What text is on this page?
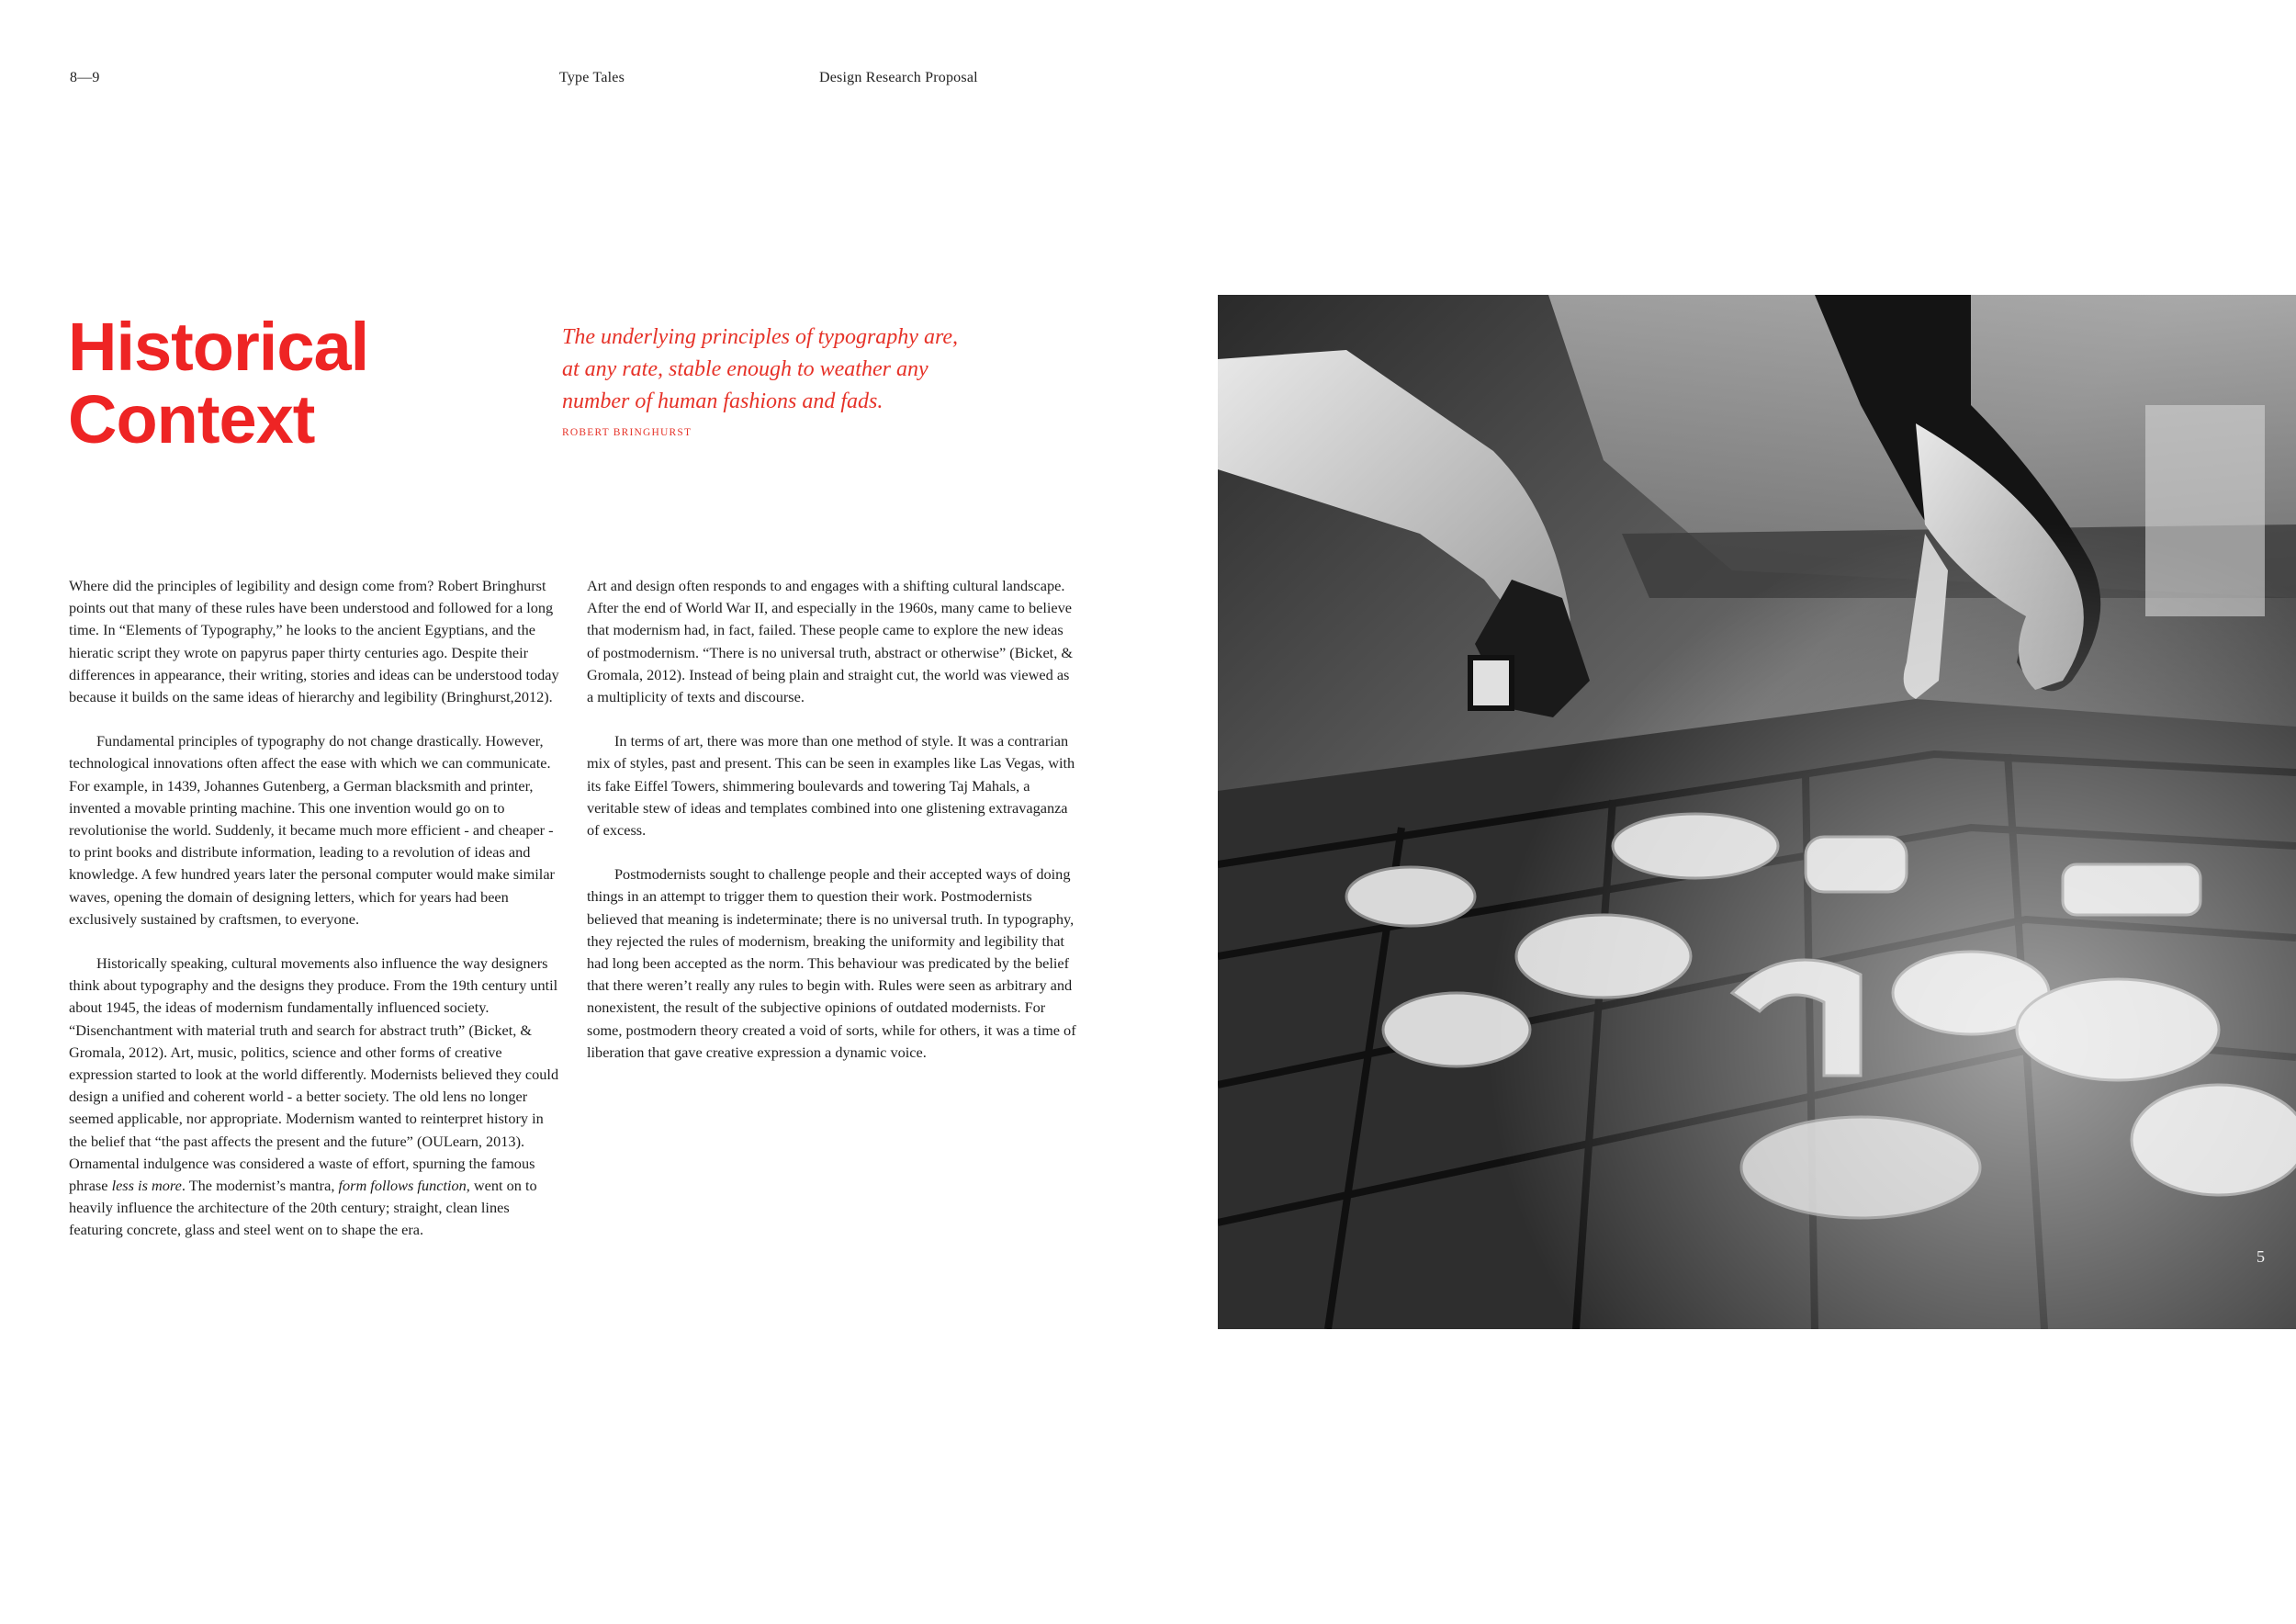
8—9	Type Tales	Design Research Proposal
Historical
Context

The underlying principles of typography are, at any rate, stable enough to weather any number of human fashions and fads.

ROBERT BRINGHURST

Where did the principles of legibility and design come from? Robert Bringhurst points out that many of these rules have been understood and followed for a long time. In “Elements of Typography,” he looks to the ancient Egyptians, and the hieratic script they wrote on papyrus paper thirty centuries ago. Despite their differences in appearance, their writing, stories and ideas can be understood today because it builds on the same ideas of hierarchy and legibility (Bringhurst,2012).

Fundamental principles of typography do not change drastically. However, technological innovations often affect the ease with which we can communicate. For example, in 1439, Johannes Gutenberg, a German blacksmith and printer, invented a movable printing machine. This one invention would go on to revolutionise the world. Suddenly, it became much more efficient - and cheaper - to print books and distribute information, leading to a revolution of ideas and knowledge. A few hundred years later the personal computer would make similar waves, opening the domain of designing letters, which for years had been exclusively sustained by craftsmen, to everyone.

Historically speaking, cultural movements also influence the way designers think about typography and the designs they produce. From the 19th century until about 1945, the ideas of modernism fundamentally influenced society. “Disenchantment with material truth and search for abstract truth” (Bicket, & Gromala, 2012). Art, music, politics, science and other forms of creative expression started to look at the world differently. Modernists believed they could design a unified and coherent world - a better society. The old lens no longer seemed applicable, nor appropriate. Modernism wanted to reinterpret history in the belief that “the past affects the present and the future” (OULearn, 2013). Ornamental indulgence was considered a waste of effort, spurning the famous phrase less is more. The modernist’s mantra, form follows function, went on to heavily influence the architecture of the 20th century; straight, clean lines featuring concrete, glass and steel went on to shape the era.

Art and design often responds to and engages with a shifting cultural landscape. After the end of World War II, and especially in the 1960s, many came to believe that modernism had, in fact, failed. These people came to explore the new ideas of postmodernism. “There is no universal truth, abstract or otherwise” (Bicket, & Gromala, 2012). Instead of being plain and straight cut, the world was viewed as a multiplicity of texts and discourse.

In terms of art, there was more than one method of style. It was a contrarian mix of styles, past and present. This can be seen in examples like Las Vegas, with its fake Eiffel Towers, shimmering boulevards and towering Taj Mahals, a veritable stew of ideas and templates combined into one glistening extravaganza of excess.

Postmodernists sought to challenge people and their accepted ways of doing things in an attempt to trigger them to question their work. Postmodernists believed that meaning is indeterminate; there is no universal truth. In typography, they rejected the rules of modernism, breaking the uniformity and legibility that had long been accepted as the norm. This behaviour was predicated by the belief that there weren’t really any rules to begin with. Rules were seen as arbitrary and nonexistent, the result of the subjective opinions of outdated modernists. For some, postmodern theory created a void of sorts, while for others, it was a time of liberation that gave creative expression a dynamic voice.

5
